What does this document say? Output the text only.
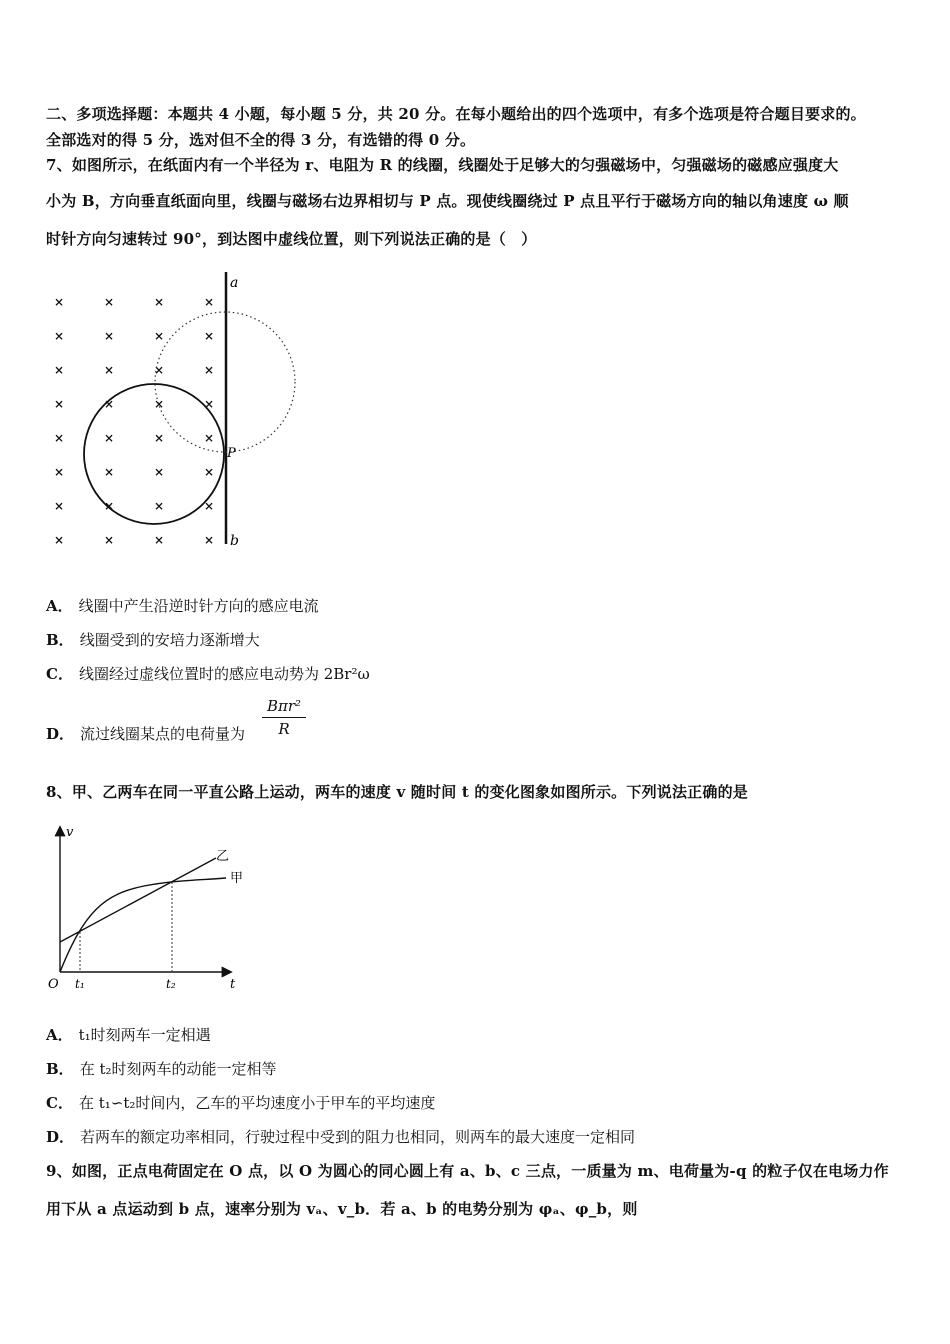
二、多项选择题：本题共 4 小题，每小题 5 分，共 20 分。在每小题给出的四个选项中，有多个选项是符合题目要求的。
全部选对的得 5 分，选对但不全的得 3 分，有选错的得 0 分。
7、如图所示，在纸面内有一个半径为 r、电阻为 R 的线圈，线圈处于足够大的匀强磁场中，匀强磁场的磁感应强度大
小为 B，方向垂直纸面向里，线圈与磁场右边界相切与 P 点。现使线圈绕过 P 点且平行于磁场方向的轴以角速度 ω 顺
时针方向匀速转过 90°，到达图中虚线位置，则下列说法正确的是（　）
×	×	×	×
×	×	×	×
×	×	×	×
×	×	×	×
×	×	×	×
×	×	×	×
×	×	×	×
×	×	×	×
a
b
P
A． 线圈中产生沿逆时针方向的感应电流
B． 线圈受到的安培力逐渐增大
C． 线圈经过虚线位置时的感应电动势为 2Br²ω
D． 流过线圈某点的电荷量为
Bπr²
R
8、甲、乙两车在同一平直公路上运动，两车的速度 v 随时间 t 的变化图象如图所示。下列说法正确的是
v
t
O t₁	t₂
乙
甲
A． t₁时刻两车一定相遇
B． 在 t₂时刻两车的动能一定相等
C． 在 t₁∽t₂时间内，乙车的平均速度小于甲车的平均速度
D． 若两车的额定功率相同，行驶过程中受到的阻力也相同，则两车的最大速度一定相同
9、如图，正点电荷固定在 O 点，以 O 为圆心的同心圆上有 a、b、c 三点，一质量为 m、电荷量为-q 的粒子仅在电场力作
用下从 a 点运动到 b 点，速率分别为 vₐ、v_b．若 a、b 的电势分别为 φₐ、φ_b，则
